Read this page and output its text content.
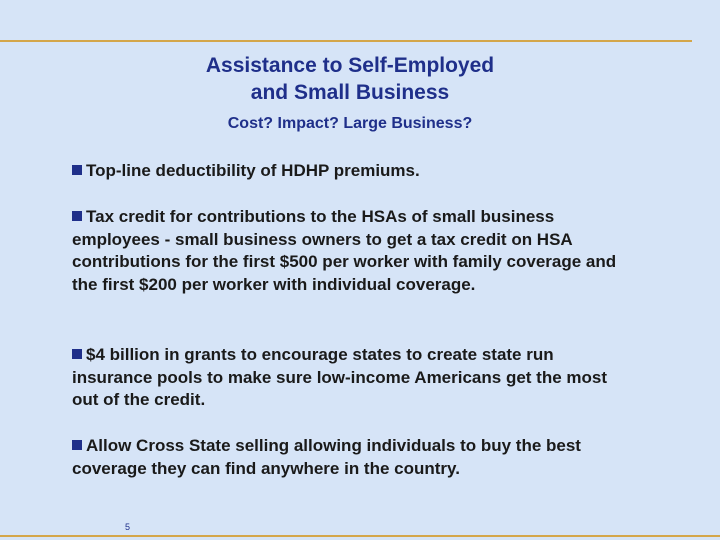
Assistance to Self-Employed
and Small Business

Cost? Impact? Large Business?

Top-line deductibility of HDHP premiums.

Tax credit for contributions to the HSAs of small business employees - small business owners to get a tax credit on HSA contributions for the first $500 per worker with family coverage and the first $200 per worker with individual coverage.

$4 billion in grants to encourage states to create state run insurance pools to make sure low-income Americans get the most out of the credit.

Allow Cross State selling allowing individuals to buy the best coverage they can find anywhere in the country.

5
